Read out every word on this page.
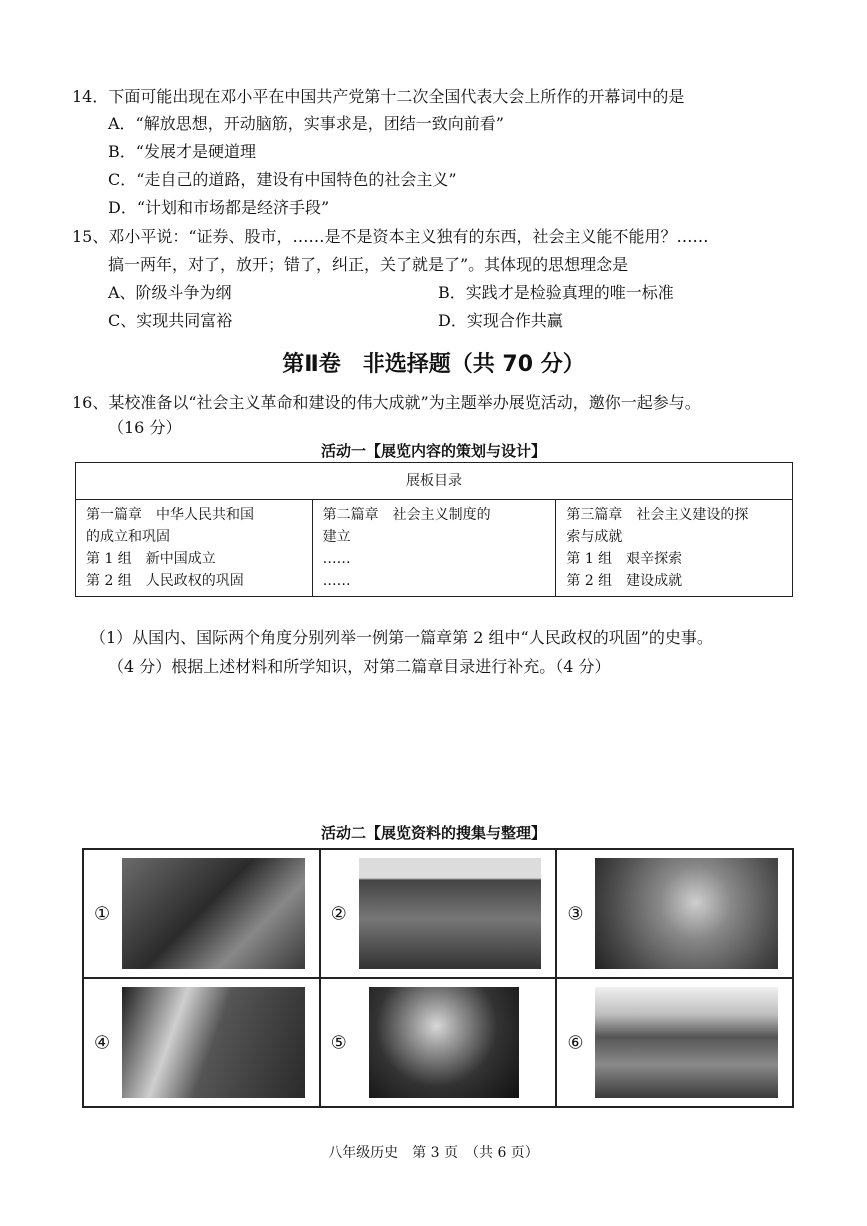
14．下面可能出现在邓小平在中国共产党第十二次全国代表大会上所作的开幕词中的是
A．“解放思想，开动脑筋，实事求是，团结一致向前看”
B．“发展才是硬道理
C．“走自己的道路，建设有中国特色的社会主义”
D．“计划和市场都是经济手段”
15、邓小平说：“证券、股市，……是不是资本主义独有的东西，社会主义能不能用？……
搞一两年，对了，放开；错了，纠正，关了就是了”。其体现的思想理念是
A、阶级斗争为纲	B．实践才是检验真理的唯一标准
C、实现共同富裕	D．实现合作共赢
第Ⅱ卷　非选择题（共 70 分）
16、某校准备以“社会主义革命和建设的伟大成就”为主题举办展览活动，邀你一起参与。
（16 分）
活动一【展览内容的策划与设计】
展板目录

第一篇章　中华人民共和国
的成立和巩固
第 1 组　新中国成立
第 2 组　人民政权的巩固

第二篇章　社会主义制度的
建立
……
……

第三篇章　社会主义建设的探
索与成就
第 1 组　艰辛探索
第 2 组　建设成就
（1）从国内、国际两个角度分别列举一例第一篇章第 2 组中“人民政权的巩固”的史事。
（4 分）根据上述材料和所学知识，对第二篇章目录进行补充。（4 分）
活动二【展览资料的搜集与整理】
①	②	③
④	⑤	⑥
八年级历史　第 3 页　（共 6 页）
